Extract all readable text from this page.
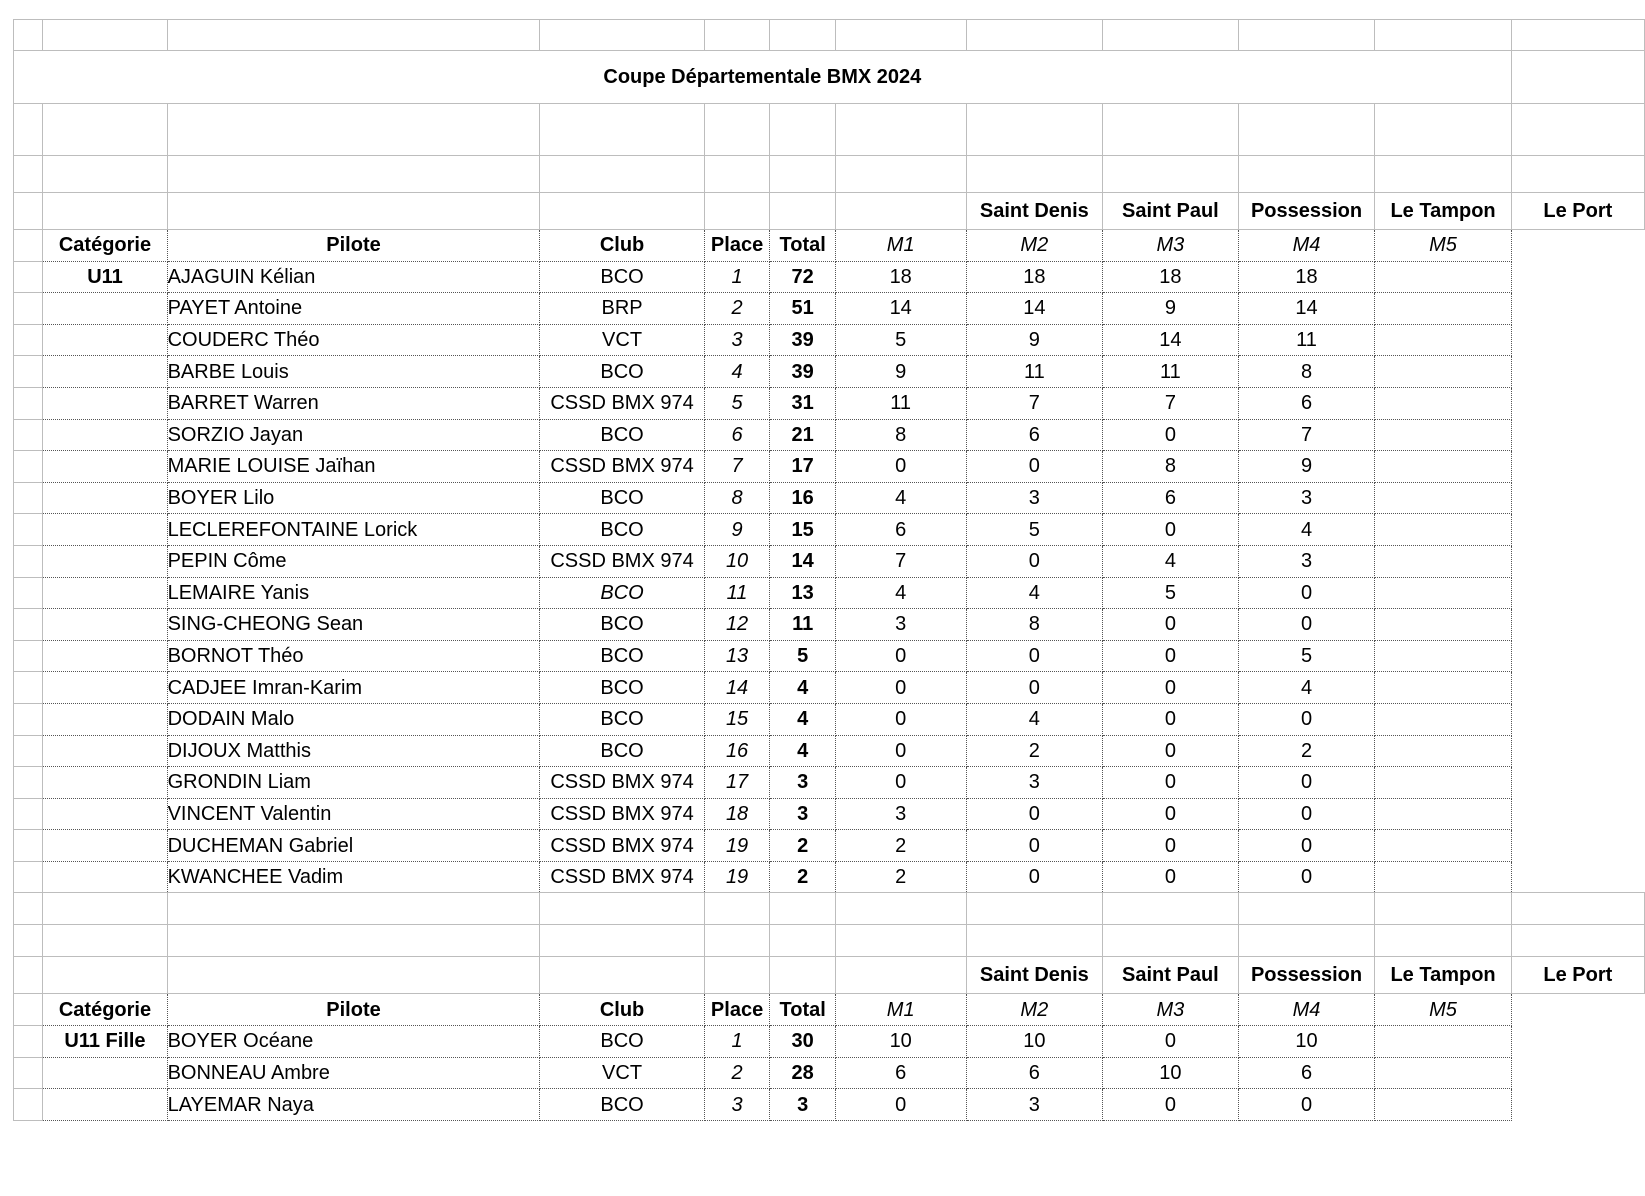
Coupe Départementale BMX 2024											

							Saint Denis	Saint Paul	Possession	Le Tampon	Le Port
	Catégorie	Pilote	Club	Place	Total	M1	M2	M3	M4	M5	
	U11	AJAGUIN Kélian	BCO	1	72	18	18	18	18		
		PAYET Antoine	BRP	2	51	14	14	9	14		
		COUDERC Théo	VCT	3	39	5	9	14	11		
		BARBE Louis	BCO	4	39	9	11	11	8		
		BARRET Warren	CSSD BMX 974	5	31	11	7	7	6		
		SORZIO Jayan	BCO	6	21	8	6	0	7		
		MARIE LOUISE Jaïhan	CSSD BMX 974	7	17	0	0	8	9		
		BOYER Lilo	BCO	8	16	4	3	6	3		
		LECLEREFONTAINE Lorick	BCO	9	15	6	5	0	4		
		PEPIN Côme	CSSD BMX 974	10	14	7	0	4	3		
		LEMAIRE Yanis	BCO	11	13	4	4	5	0		
		SING-CHEONG Sean	BCO	12	11	3	8	0	0		
		BORNOT Théo	BCO	13	5	0	0	0	5		
		CADJEE Imran-Karim	BCO	14	4	0	0	0	4		
		DODAIN Malo	BCO	15	4	0	4	0	0		
		DIJOUX Matthis	BCO	16	4	0	2	0	2		
		GRONDIN Liam	CSSD BMX 974	17	3	0	3	0	0		
		VINCENT Valentin	CSSD BMX 974	18	3	3	0	0	0		
		DUCHEMAN Gabriel	CSSD BMX 974	19	2	2	0	0	0		
		KWANCHEE Vadim	CSSD BMX 974	19	2	2	0	0	0		

							Saint Denis	Saint Paul	Possession	Le Tampon	Le Port
	Catégorie	Pilote	Club	Place	Total	M1	M2	M3	M4	M5	
	U11 Fille	BOYER Océane	BCO	1	30	10	10	0	10		
		BONNEAU Ambre	VCT	2	28	6	6	10	6		
		LAYEMAR Naya	BCO	3	3	0	3	0	0		
